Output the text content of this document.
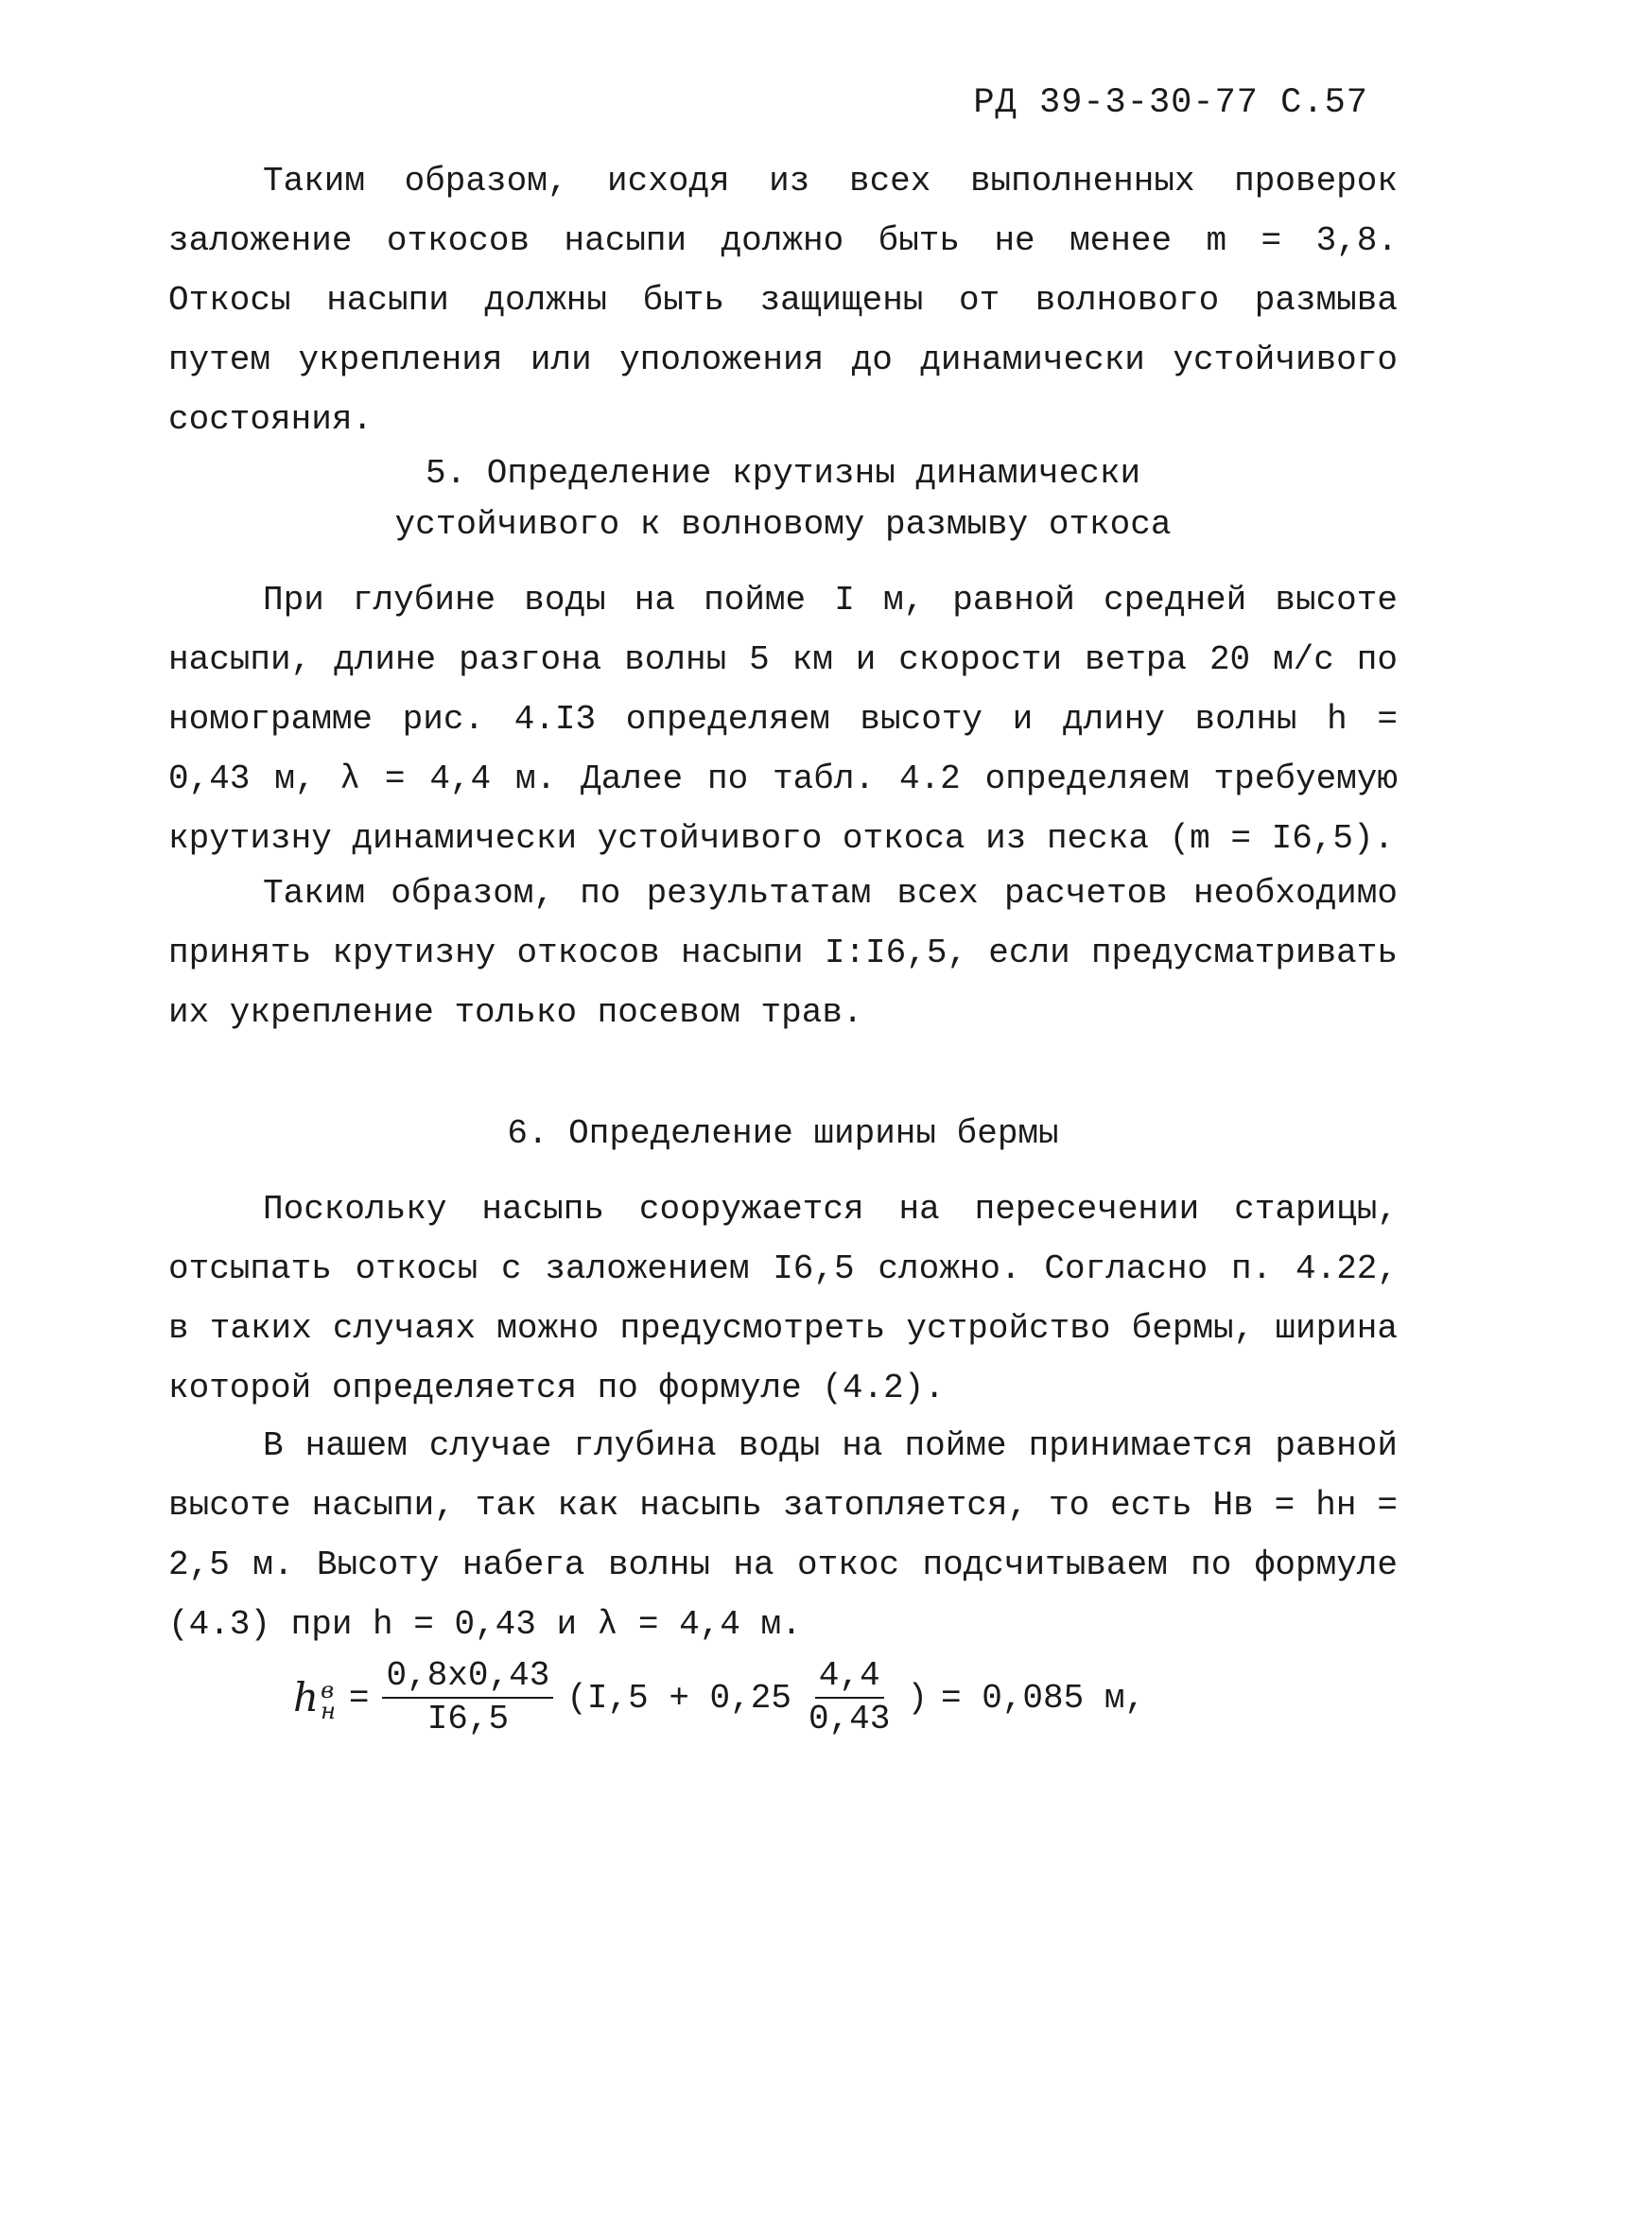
РД 39-3-30-77 С.57

Таким образом, исходя из всех выполненных проверок заложение откосов насыпи должно быть не менее m = 3,8. Откосы насыпи должны быть защищены от волнового размыва путем укрепления или уположения до динамически устойчивого состояния.

5. Определение крутизны динамически
устойчивого к волновому размыву откоса

При глубине воды на пойме I м, равной средней высоте насыпи, длине разгона волны 5 км и скорости ветра 20 м/с по номограмме рис. 4.I3 определяем высоту и длину волны h = 0,43 м, λ = 4,4 м. Далее по табл. 4.2 определяем требуемую крутизну динамически устойчивого откоса из песка (m = I6,5).

Таким образом, по результатам всех расчетов необходимо принять крутизну откосов насыпи I:I6,5, если предусматривать их укрепление только посевом трав.

6. Определение ширины бермы

Поскольку насыпь сооружается на пересечении старицы, отсыпать откосы с заложением I6,5 сложно. Согласно п. 4.22, в таких случаях можно предусмотреть устройство бермы, ширина которой определяется по формуле (4.2).

В нашем случае глубина воды на пойме принимается равной высоте насыпи, так как насыпь затопляется, то есть Hв = hн = 2,5 м. Высоту набега волны на откос подсчитываем по формуле (4.3) при h = 0,43 и λ = 4,4 м.

h в
$н = \frac{0,8x0,43}{I6,5} (I,5 + 0,25 \frac{4,4}{0,43}$ ) = 0,085 м,
